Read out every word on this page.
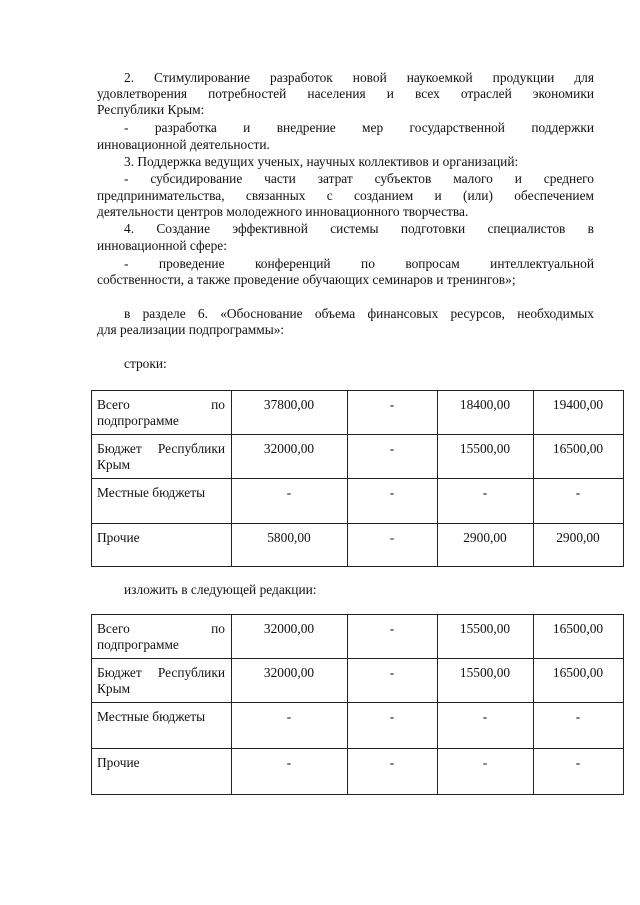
2. Стимулирование разработок новой наукоемкой продукции для
удовлетворения потребностей населения и всех отраслей экономики
Республики Крым:
- разработка и внедрение мер государственной поддержки
инновационной деятельности.
3. Поддержка ведущих ученых, научных коллективов и организаций:
- субсидирование части затрат субъектов малого и среднего
предпринимательства, связанных с созданием и (или) обеспечением
деятельности центров молодежного инновационного творчества.
4. Создание эффективной системы подготовки специалистов в
инновационной сфере:
- проведение конференций по вопросам интеллектуальной
собственности, а также проведение обучающих семинаров и тренингов»;
в разделе 6. «Обоснование объема финансовых ресурсов, необходимых
для реализации подпрограммы»:
строки:
Всего по
подпрограмме	37800,00	-	18400,00	19400,00

Бюджет Республики
Крым	32000,00	-	15500,00	16500,00

Местные бюджеты	-	-	-	-

Прочие	5800,00	-	2900,00	2900,00
изложить в следующей редакции:
Всего по
подпрограмме	32000,00	-	15500,00	16500,00

Бюджет Республики
Крым	32000,00	-	15500,00	16500,00

Местные бюджеты	-	-	-	-

Прочие	-	-	-	-
